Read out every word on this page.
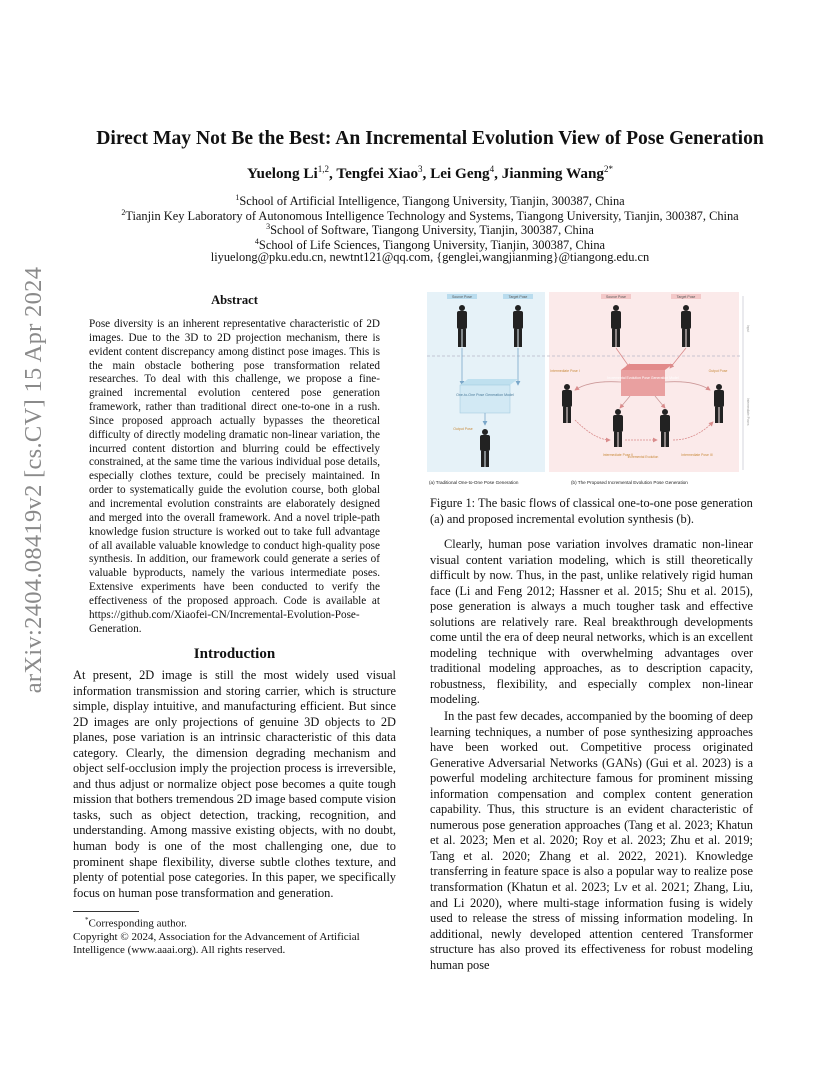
arXiv:2404.08419v2 [cs.CV] 15 Apr 2024
Direct May Not Be the Best: An Incremental Evolution View of Pose Generation
Yuelong Li$^{1,2}$, Tengfei Xiao$^3$, Lei Geng$^4$, Jianming Wang$^{2*}$
$^1$School of Artificial Intelligence, Tiangong University, Tianjin, 300387, China
$^2$Tianjin Key Laboratory of Autonomous Intelligence Technology and Systems, Tiangong University, Tianjin, 300387, China
$^3$School of Software, Tiangong University, Tianjin, 300387, China
$^4$School of Life Sciences, Tiangong University, Tianjin, 300387, China
liyuelong@pku.edu.cn, newtnt121@qq.com, {genglei,wangjianming}@tiangong.edu.cn
Abstract
Pose diversity is an inherent representative characteristic of 2D images. Due to the 3D to 2D projection mechanism, there is evident content discrepancy among distinct pose images. This is the main obstacle bothering pose transformation related researches. To deal with this challenge, we propose a fine-grained incremental evolution centered pose generation framework, rather than traditional direct one-to-one in a rush. Since proposed approach actually bypasses the theoretical difficulty of directly modeling dramatic non-linear variation, the incurred content distortion and blurring could be effectively constrained, at the same time the various individual pose details, especially clothes texture, could be precisely maintained. In order to systematically guide the evolution course, both global and incremental evolution constraints are elaborately designed and merged into the overall framework. And a novel triple-path knowledge fusion structure is worked out to take full advantage of all available valuable knowledge to conduct high-quality pose synthesis. In addition, our framework could generate a series of valuable byproducts, namely the various intermediate poses. Extensive experiments have been conducted to verify the effectiveness of the proposed approach. Code is available at https://github.com/Xiaofei-CN/Incremental-Evolution-Pose-Generation.
Introduction
At present, 2D image is still the most widely used visual information transmission and storing carrier, which is structure simple, display intuitive, and manufacturing efficient. But since 2D images are only projections of genuine 3D objects to 2D planes, pose variation is an intrinsic characteristic of this data category. Clearly, the dimension degrading mechanism and object self-occlusion imply the projection process is irreversible, and thus adjust or normalize object pose becomes a quite tough mission that bothers tremendous 2D image based compute vision tasks, such as object detection, tracking, recognition, and understanding. Among massive existing objects, with no doubt, human body is one of the most challenging one, due to prominent shape flexibility, diverse subtle clothes texture, and plenty of potential pose categories. In this paper, we specifically focus on human pose transformation and generation.
*Corresponding author.
Copyright © 2024, Association for the Advancement of Artificial Intelligence (www.aaai.org). All rights reserved.
Source Pose	Target Pose
One-to-One Pose Generation Model
Output Pose
Source Pose	Target Pose
Incremental Evolution Pose Generation Model
Intermediate Pose I	Output Pose
Intermediate Pose II
Incremental Evolution	Intermediate Pose III
Input
Intermediate Poses
(a) Traditional One-to-One Pose Generation	(b) The Proposed Incremental Evolution Pose Generation
Figure 1: The basic flows of classical one-to-one pose generation (a) and proposed incremental evolution synthesis (b).

Clearly, human pose variation involves dramatic non-linear visual content variation modeling, which is still theoretically difficult by now. Thus, in the past, unlike relatively rigid human face (Li and Feng 2012; Hassner et al. 2015; Shu et al. 2015), pose generation is always a much tougher task and effective solutions are relatively rare. Real breakthrough developments come until the era of deep neural networks, which is an excellent modeling technique with overwhelming advantages over traditional modeling approaches, as to description capacity, robustness, flexibility, and especially complex non-linear modeling.

In the past few decades, accompanied by the booming of deep learning techniques, a number of pose synthesizing approaches have been worked out. Competitive process originated Generative Adversarial Networks (GANs) (Gui et al. 2023) is a powerful modeling architecture famous for prominent missing information compensation and complex content generation capability. Thus, this structure is an evident characteristic of numerous pose generation approaches (Tang et al. 2023; Khatun et al. 2023; Men et al. 2020; Roy et al. 2023; Zhu et al. 2019; Tang et al. 2020; Zhang et al. 2022, 2021). Knowledge transferring in feature space is also a popular way to realize pose transformation (Khatun et al. 2023; Lv et al. 2021; Zhang, Liu, and Li 2020), where multi-stage information fusing is widely used to release the stress of missing information modeling. In additional, newly developed attention centered Transformer structure has also proved its effectiveness for robust modeling human pose
